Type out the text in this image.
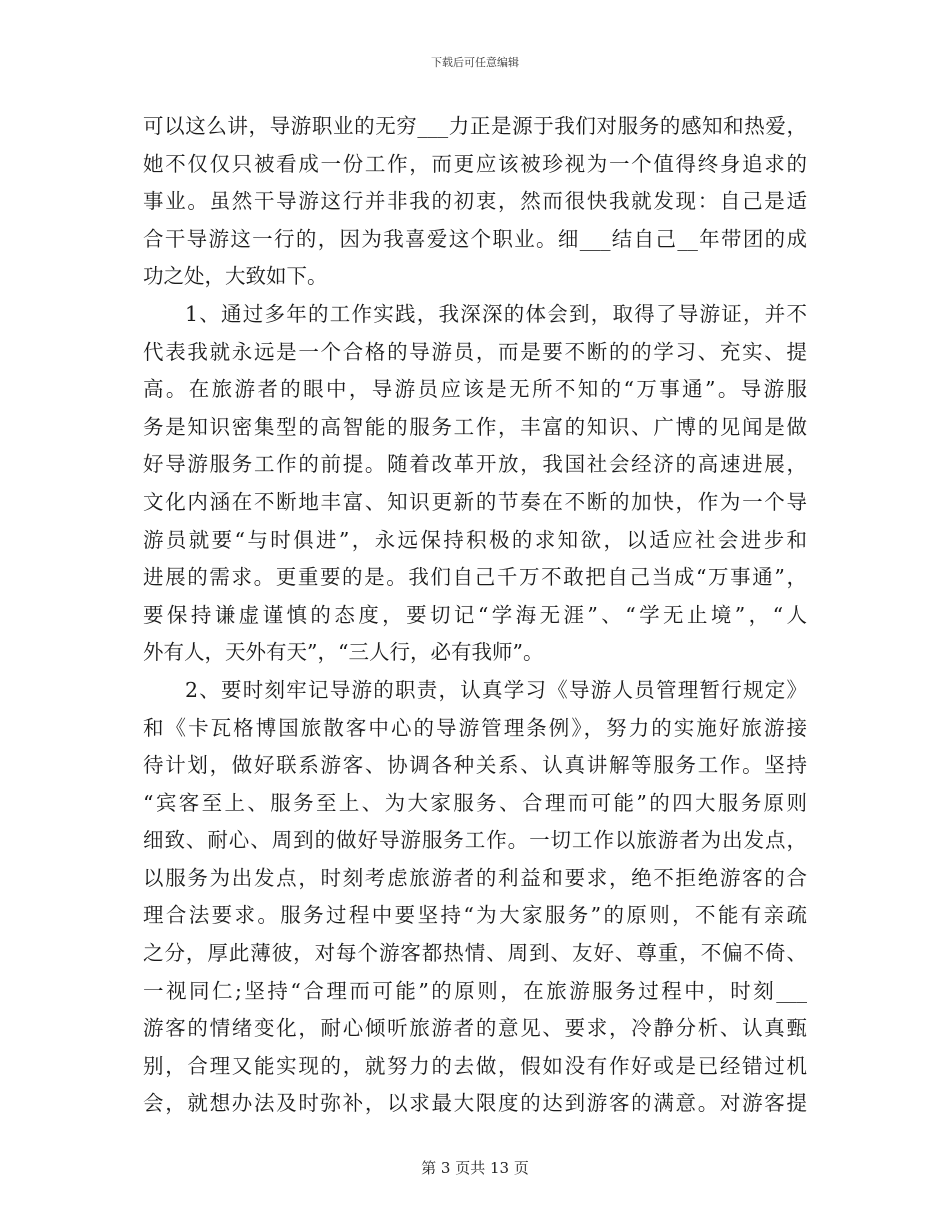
下载后可任意编辑
可以这么讲，导游职业的无穷___力正是源于我们对服务的感知和热爱，
她不仅仅只被看成一份工作，而更应该被珍视为一个值得终身追求的
事业。虽然干导游这行并非我的初衷，然而很快我就发现：自己是适
合干导游这一行的，因为我喜爱这个职业。细___结自己__年带团的成
功之处，大致如下。
1、通过多年的工作实践，我深深的体会到，取得了导游证，并不
代表我就永远是一个合格的导游员，而是要不断的的学习、充实、提
高。在旅游者的眼中，导游员应该是无所不知的“万事通”。导游服
务是知识密集型的高智能的服务工作，丰富的知识、广博的见闻是做
好导游服务工作的前提。随着改革开放，我国社会经济的高速进展，
文化内涵在不断地丰富、知识更新的节奏在不断的加快，作为一个导
游员就要“与时俱进”，永远保持积极的求知欲，以适应社会进步和
进展的需求。更重要的是。我们自己千万不敢把自己当成“万事通”，
要保持谦虚谨慎的态度，要切记“学海无涯”、“学无止境”，“人
外有人，天外有天”，“三人行，必有我师”。
2、要时刻牢记导游的职责，认真学习《导游人员管理暂行规定》
和《卡瓦格博国旅散客中心的导游管理条例》，努力的实施好旅游接
待计划，做好联系游客、协调各种关系、认真讲解等服务工作。坚持
“宾客至上、服务至上、为大家服务、合理而可能”的四大服务原则
细致、耐心、周到的做好导游服务工作。一切工作以旅游者为出发点，
以服务为出发点，时刻考虑旅游者的利益和要求，绝不拒绝游客的合
理合法要求。服务过程中要坚持“为大家服务”的原则，不能有亲疏
之分，厚此薄彼，对每个游客都热情、周到、友好、尊重，不偏不倚、
一视同仁;坚持“合理而可能”的原则，在旅游服务过程中，时刻___
游客的情绪变化，耐心倾听旅游者的意见、要求，冷静分析、认真甄
别，合理又能实现的，就努力的去做，假如没有作好或是已经错过机
会，就想办法及时弥补，以求最大限度的达到游客的满意。对游客提
第 3 页共 13 页
